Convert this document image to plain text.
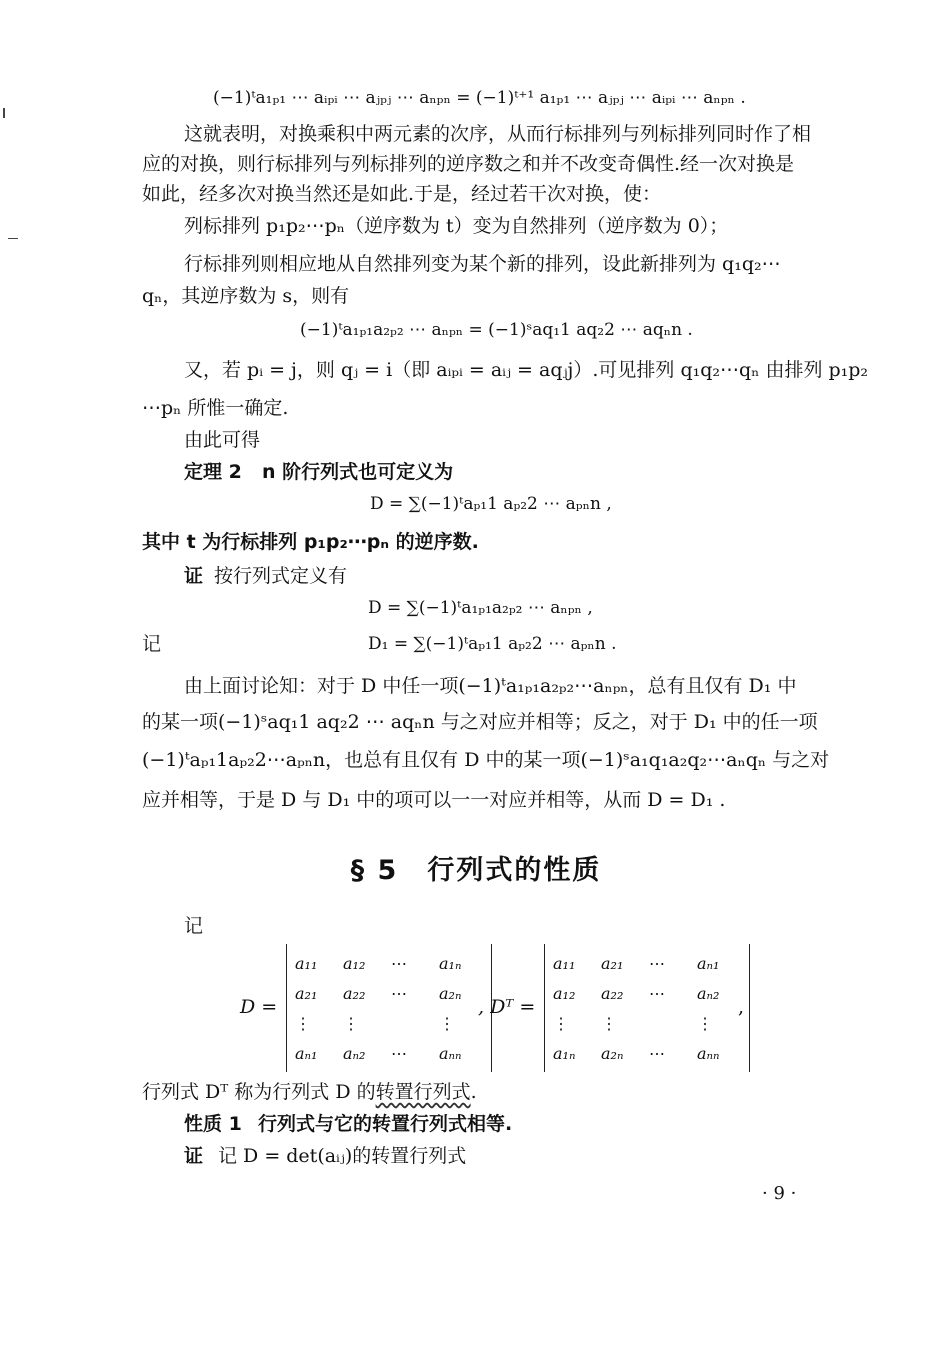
(−1)ᵗa₁ₚ₁ ⋯ aᵢₚᵢ ⋯ aⱼₚⱼ ⋯ aₙₚₙ = (−1)ᵗ⁺¹ a₁ₚ₁ ⋯ aⱼₚⱼ ⋯ aᵢₚᵢ ⋯ aₙₚₙ .
这就表明，对换乘积中两元素的次序，从而行标排列与列标排列同时作了相
应的对换，则行标排列与列标排列的逆序数之和并不改变奇偶性.经一次对换是
如此，经多次对换当然还是如此.于是，经过若干次对换，使：
列标排列 p₁p₂⋯pₙ（逆序数为 t）变为自然排列（逆序数为 0）；
行标排列则相应地从自然排列变为某个新的排列，设此新排列为 q₁q₂⋯
qₙ，其逆序数为 s，则有
(−1)ᵗa₁ₚ₁a₂ₚ₂ ⋯ aₙₚₙ = (−1)ˢaq₁1 aq₂2 ⋯ aqₙn .
又，若 pᵢ = j，则 qⱼ = i（即 aᵢₚᵢ = aᵢⱼ = aqⱼj）.可见排列 q₁q₂⋯qₙ 由排列 p₁p₂
⋯pₙ 所惟一确定.
由此可得
定理 2 n 阶行列式也可定义为
D = ∑(−1)ᵗaₚ₁1 aₚ₂2 ⋯ aₚₙn ,
其中 t 为行标排列 p₁p₂⋯pₙ 的逆序数.
证 按行列式定义有
D = ∑(−1)ᵗa₁ₚ₁a₂ₚ₂ ⋯ aₙₚₙ ,
记	D₁ = ∑(−1)ᵗaₚ₁1 aₚ₂2 ⋯ aₚₙn .
由上面讨论知：对于 D 中任一项(−1)ᵗa₁ₚ₁a₂ₚ₂⋯aₙₚₙ，总有且仅有 D₁ 中
的某一项(−1)ˢaq₁1 aq₂2 ⋯ aqₙn 与之对应并相等；反之，对于 D₁ 中的任一项
(−1)ᵗaₚ₁1aₚ₂2⋯aₚₙn，也总有且仅有 D 中的某一项(−1)ˢa₁q₁a₂q₂⋯aₙqₙ 与之对
应并相等，于是 D 与 D₁ 中的项可以一一对应并相等，从而 D = D₁ .
§ 5　行列式的性质
记
D =
a₁₁	a₁₂	⋯	a₁ₙ
a₂₁	a₂₂	⋯	a₂ₙ
⋮	⋮		⋮
aₙ₁	aₙ₂	⋯	aₙₙ
, Dᵀ =
a₁₁	a₂₁	⋯	aₙ₁
a₁₂	a₂₂	⋯	aₙ₂
⋮	⋮		⋮
a₁ₙ	a₂ₙ	⋯	aₙₙ
,
行列式 Dᵀ 称为行列式 D 的转置行列式.
性质 1 行列式与它的转置行列式相等.
证 记 D = det(aᵢⱼ)的转置行列式
· 9 ·
